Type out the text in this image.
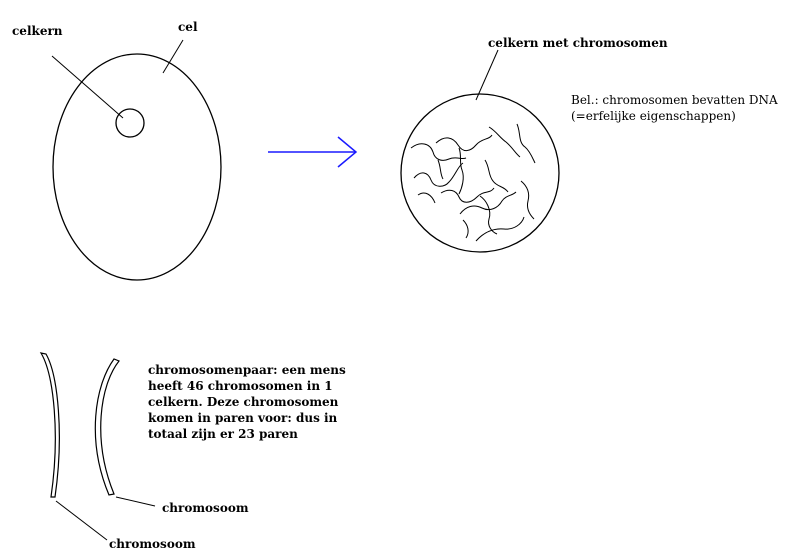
celkern	cel
celkern met chromosomen
Bel.: chromosomen bevatten DNA
(=erfelijke eigenschappen)
chromosomenpaar: een mens
heeft 46 chromosomen in 1
celkern. Deze chromosomen
komen in paren voor: dus in
totaal zijn er 23 paren
chromosoom
chromosoom
